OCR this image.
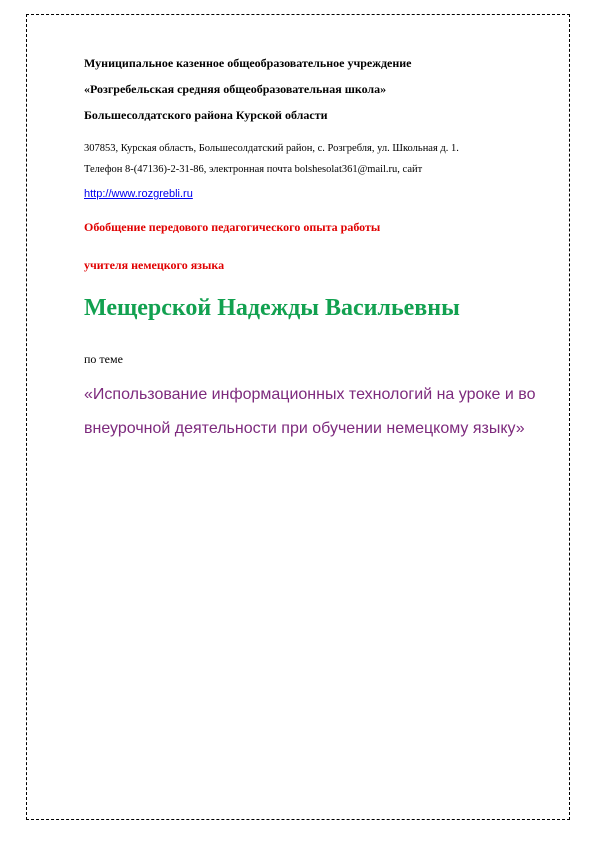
Муниципальное казенное общеобразовательное учреждение
«Розгребельская средняя общеобразовательная школа»
Большесолдатского района Курской области
307853, Курская область, Большесолдатский район, с. Розгребля, ул. Школьная д. 1.
Телефон 8-(47136)-2-31-86, электронная почта bolshesolat361@mail.ru, сайт
http://www.rozgrebli.ru
Обобщение передового педагогического опыта работы
учителя немецкого языка
Мещерской Надежды Васильевны
по теме
«Использование информационных технологий на уроке и во внеурочной деятельности при обучении немецкому языку»
